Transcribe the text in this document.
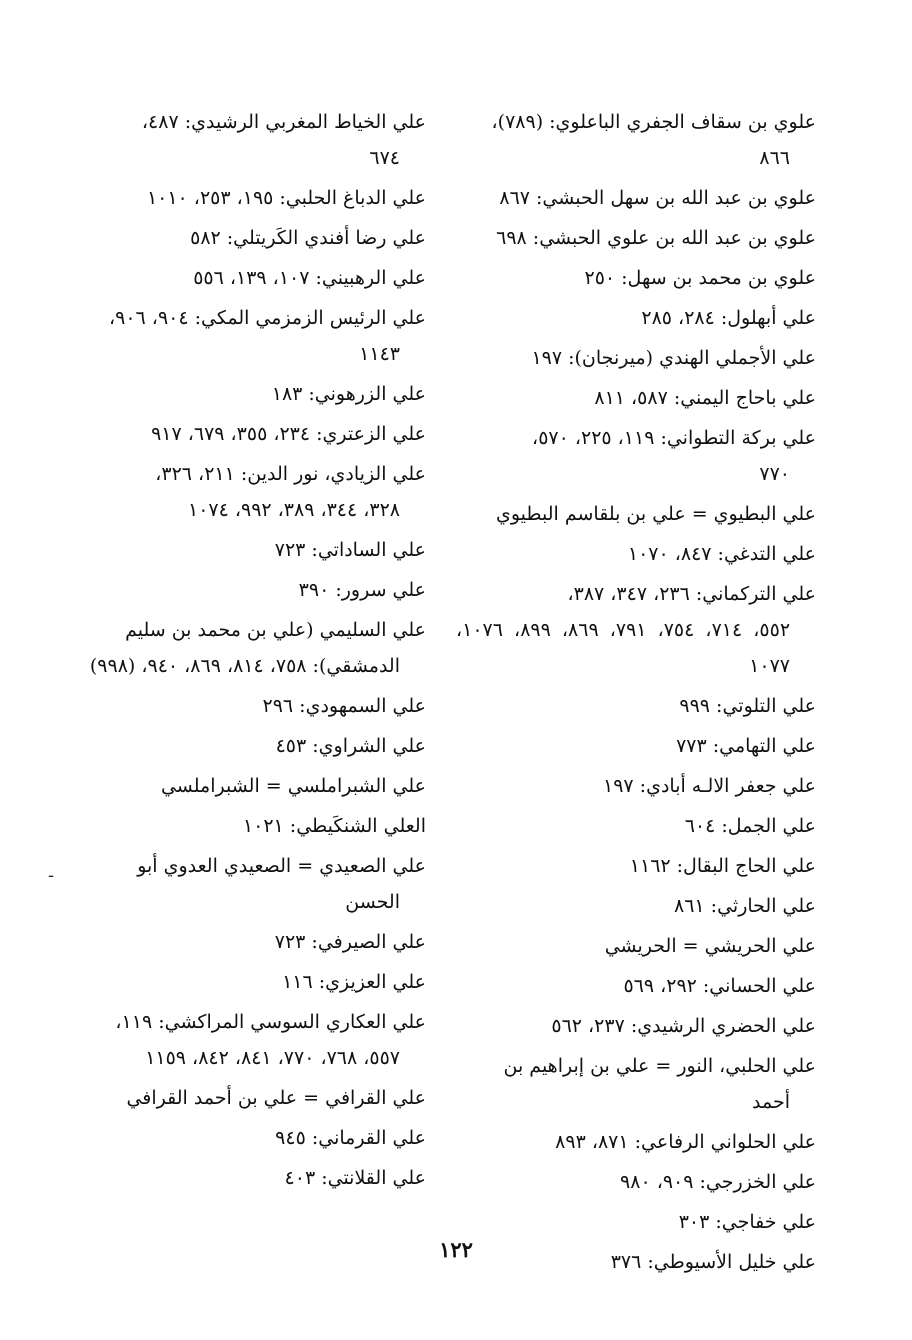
علوي بن سقاف الجفري الباعلوي: (٧٨٩)،
٨٦٦
علوي بن عبد الله بن سهل الحبشي: ٨٦٧
علوي بن عبد الله بن علوي الحبشي: ٦٩٨
علوي بن محمد بن سهل: ٢٥٠
علي أبهلول: ٢٨٤، ٢٨٥
علي الأجملي الهندي (ميرنجان): ١٩٧
علي باحاج اليمني: ٥٨٧، ٨١١
علي بركة التطواني: ١١٩، ٢٢٥، ٥٧٠،
٧٧٠
علي البطيوي = علي بن بلقاسم البطيوي
علي التدغي: ٨٤٧، ١٠٧٠
علي التركماني: ٢٣٦، ٣٤٧، ٣٨٧،
٥٥٢، ٧١٤، ٧٥٤، ٧٩١، ٨٦٩، ٨٩٩، ١٠٧٦، ١٠٧٧
علي التلوتي: ٩٩٩
علي التهامي: ٧٧٣
علي جعفر الالـه أبادي: ١٩٧
علي الجمل: ٦٠٤
علي الحاج البقال: ١١٦٢
علي الحارثي: ٨٦١
علي الحريشي = الحريشي
علي الحساني: ٢٩٢، ٥٦٩
علي الحضري الرشيدي: ٢٣٧، ٥٦٢
علي الحلبي، النور = علي بن إبراهيم بن
أحمد
علي الحلواني الرفاعي: ٨٧١، ٨٩٣
علي الخزرجي: ٩٠٩، ٩٨٠
علي خفاجي: ٣٠٣
علي خليل الأسيوطي: ٣٧٦
علي الخياط المغربي الرشيدي: ٤٨٧،
٦٧٤
علي الدباغ الحلبي: ١٩٥، ٢٥٣، ١٠١٠
علي رضا أفندي الكَريتلي: ٥٨٢
علي الرهبيني: ١٠٧، ١٣٩، ٥٥٦
علي الرئيس الزمزمي المكي: ٩٠٤، ٩٠٦،
١١٤٣
علي الزرهوني: ١٨٣
علي الزعتري: ٢٣٤، ٣٥٥، ٦٧٩، ٩١٧
علي الزيادي، نور الدين: ٢١١، ٣٢٦،
٣٢٨، ٣٤٤، ٣٨٩، ٩٩٢، ١٠٧٤
علي الساداتي: ٧٢٣
علي سرور: ٣٩٠
علي السليمي (علي بن محمد بن سليم
الدمشقي): ٧٥٨، ٨١٤، ٨٦٩، ٩٤٠، (٩٩٨)
علي السمهودي: ٢٩٦
علي الشراوي: ٤٥٣
علي الشبراملسي = الشبراملسي
العلي الشنكَيطي: ١٠٢١
علي الصعيدي = الصعيدي العدوي أبو
الحسن
علي الصيرفي: ٧٢٣
علي العزيزي: ١١٦
علي العكاري السوسي المراكشي: ١١٩،
٥٥٧، ٧٦٨، ٧٧٠، ٨٤١، ٨٤٢، ١١٥٩
علي القرافي = علي بن أحمد القرافي
علي القرماني: ٩٤٥
علي القلانتي: ٤٠٣
-
١٢٢
